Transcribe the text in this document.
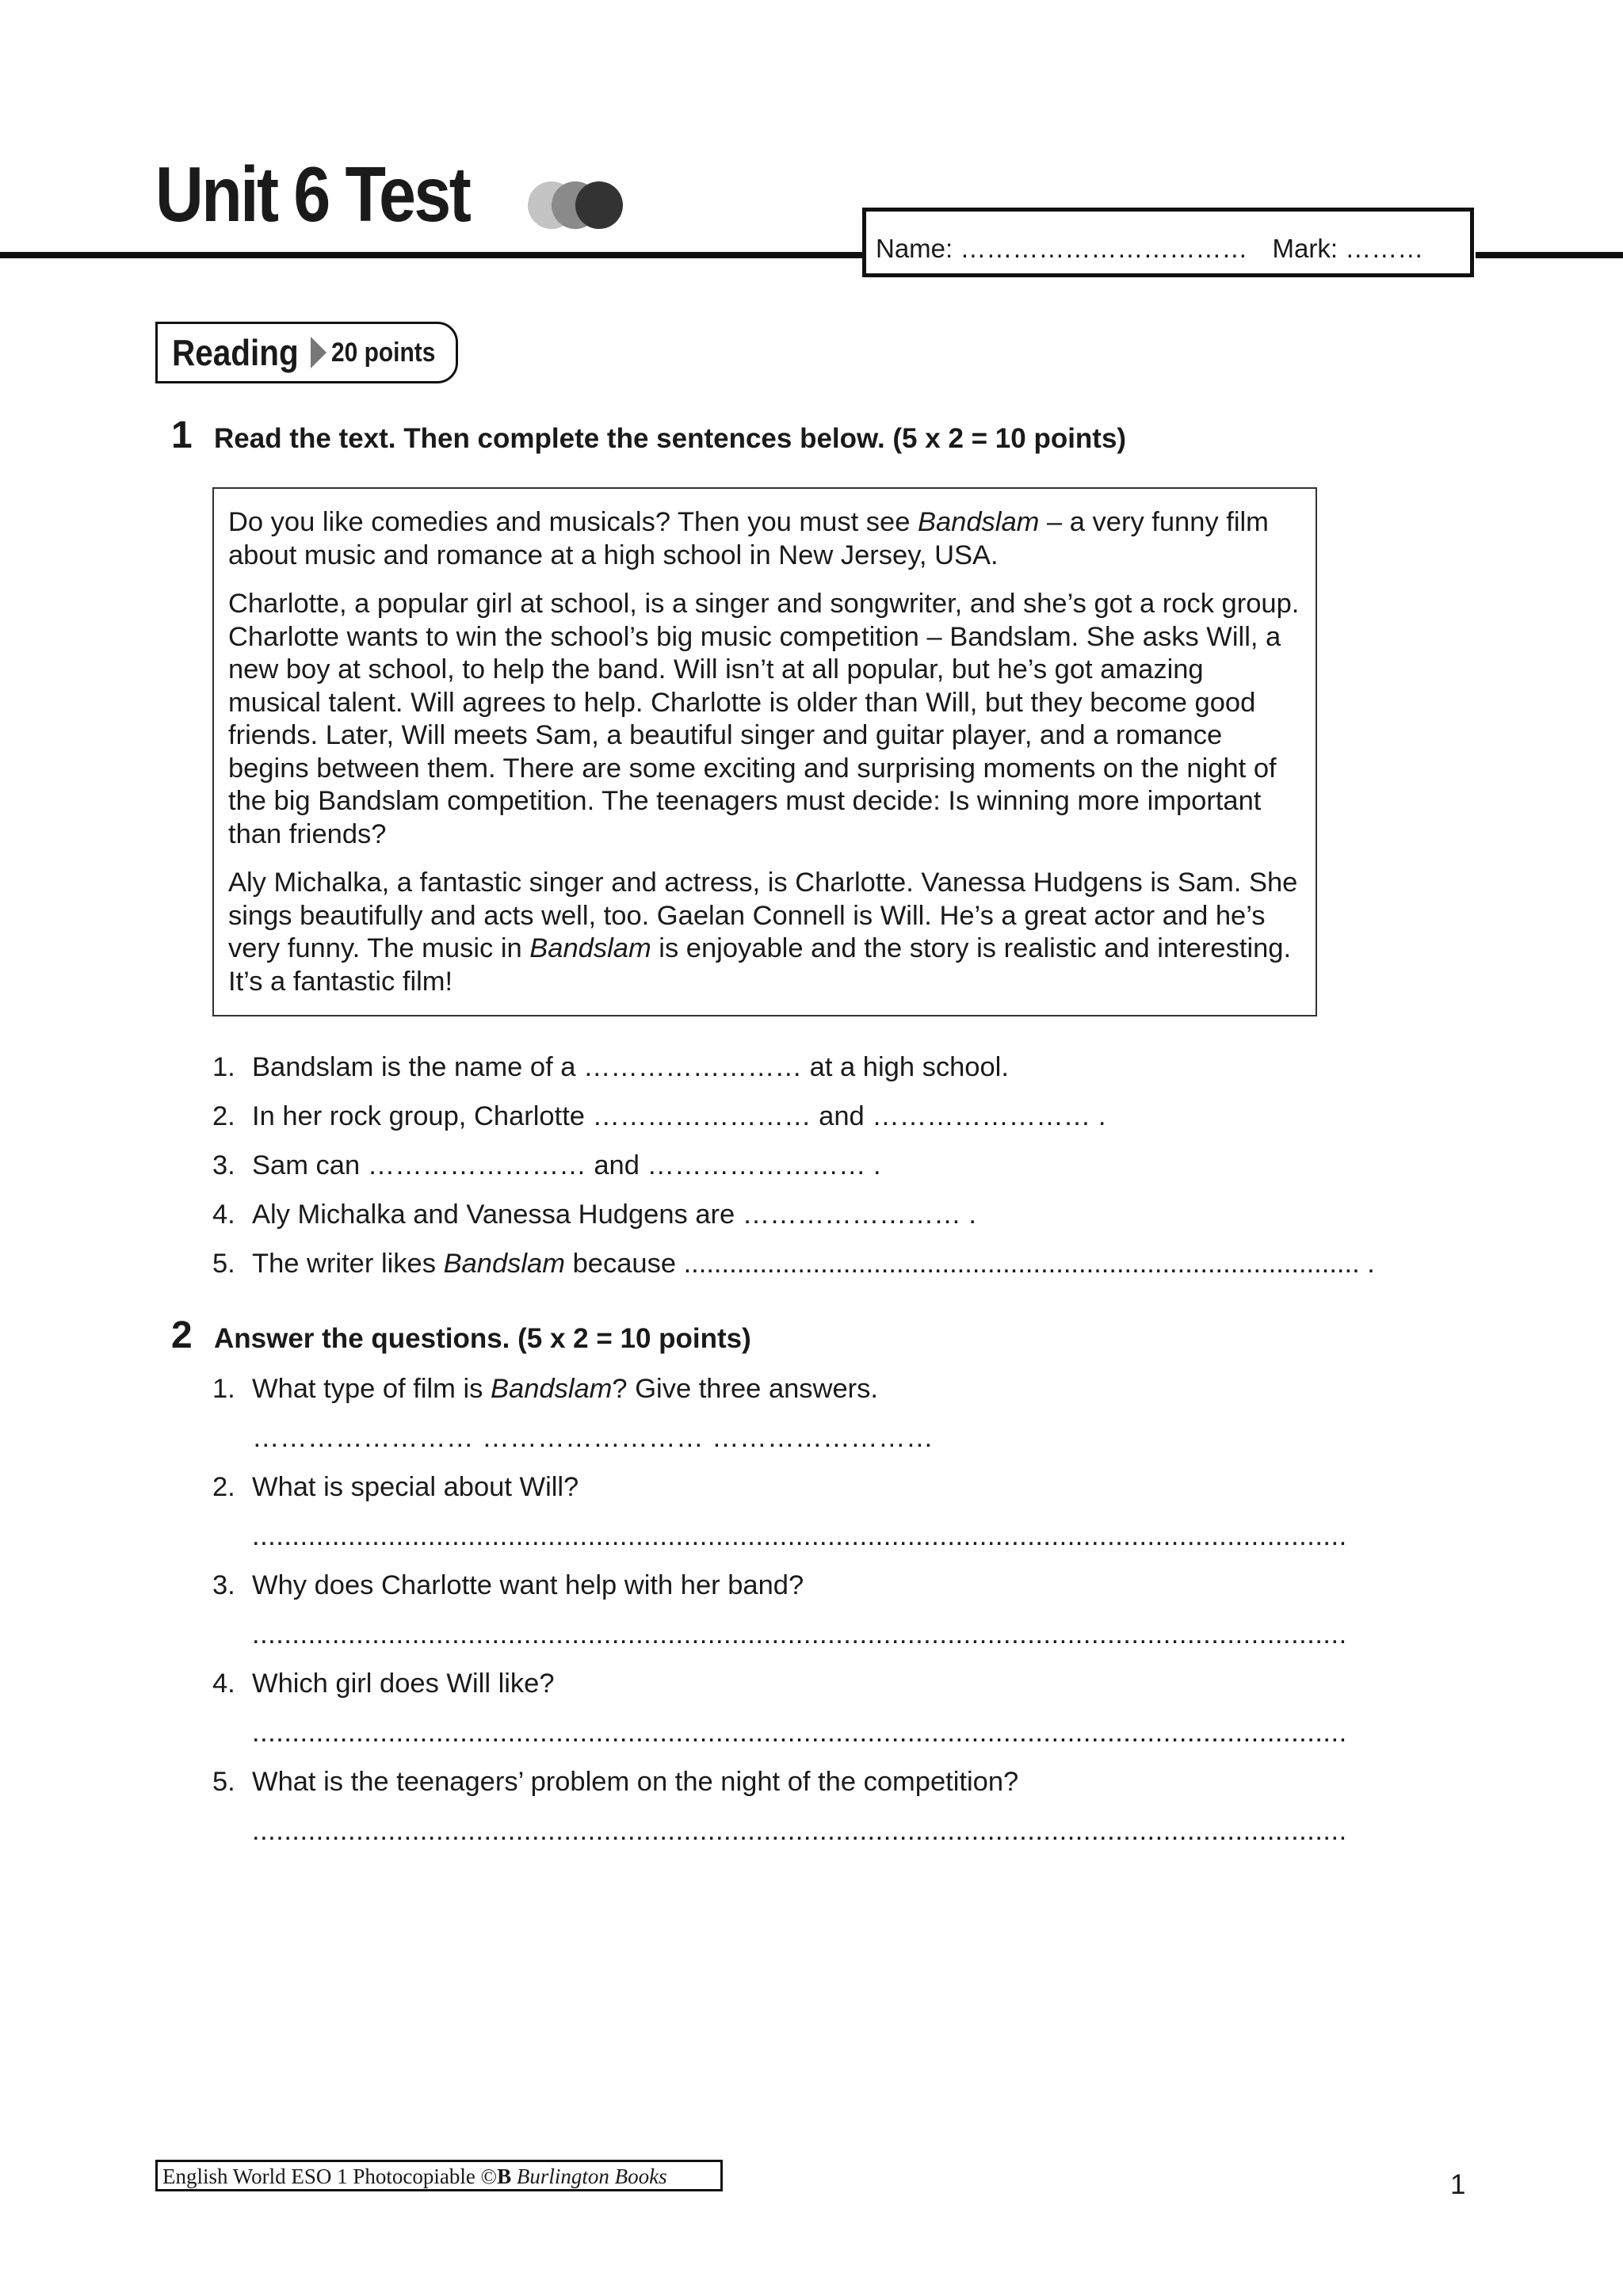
Unit 6 Test
Name: …………………………… Mark: ………
Reading 20 points
1 Read the text. Then complete the sentences below. (5 x 2 = 10 points)

Do you like comedies and musicals? Then you must see Bandslam – a very funny film about music and romance at a high school in New Jersey, USA.

Charlotte, a popular girl at school, is a singer and songwriter, and she’s got a rock group. Charlotte wants to win the school’s big music competition – Bandslam. She asks Will, a new boy at school, to help the band. Will isn’t at all popular, but he’s got amazing musical talent. Will agrees to help. Charlotte is older than Will, but they become good friends. Later, Will meets Sam, a beautiful singer and guitar player, and a romance begins between them. There are some exciting and surprising moments on the night of the big Bandslam competition. The teenagers must decide: Is winning more important than friends?

Aly Michalka, a fantastic singer and actress, is Charlotte. Vanessa Hudgens is Sam. She sings beautifully and acts well, too. Gaelan Connell is Will. He’s a great actor and he’s very funny. The music in Bandslam is enjoyable and the story is realistic and interesting. It’s a fantastic film!

1. Bandslam is the name of a …………………… at a high school.
2. In her rock group, Charlotte …………………… and …………………… .
3. Sam can …………………… and …………………… .
4. Aly Michalka and Vanessa Hudgens are …………………… .
5. The writer likes Bandslam because ......................................................................................... .
2 Answer the questions. (5 x 2 = 10 points)
1. What type of film is Bandslam? Give three answers.
2. What is special about Will?
3. Why does Charlotte want help with her band?
4. Which girl does Will like?
5. What is the teenagers’ problem on the night of the competition?
…………………… …………………… ……………………
.........................................................................................................................................
.........................................................................................................................................
.........................................................................................................................................
.........................................................................................................................................
English World ESO 1 Photocopiable ©B Burlington Books	1
